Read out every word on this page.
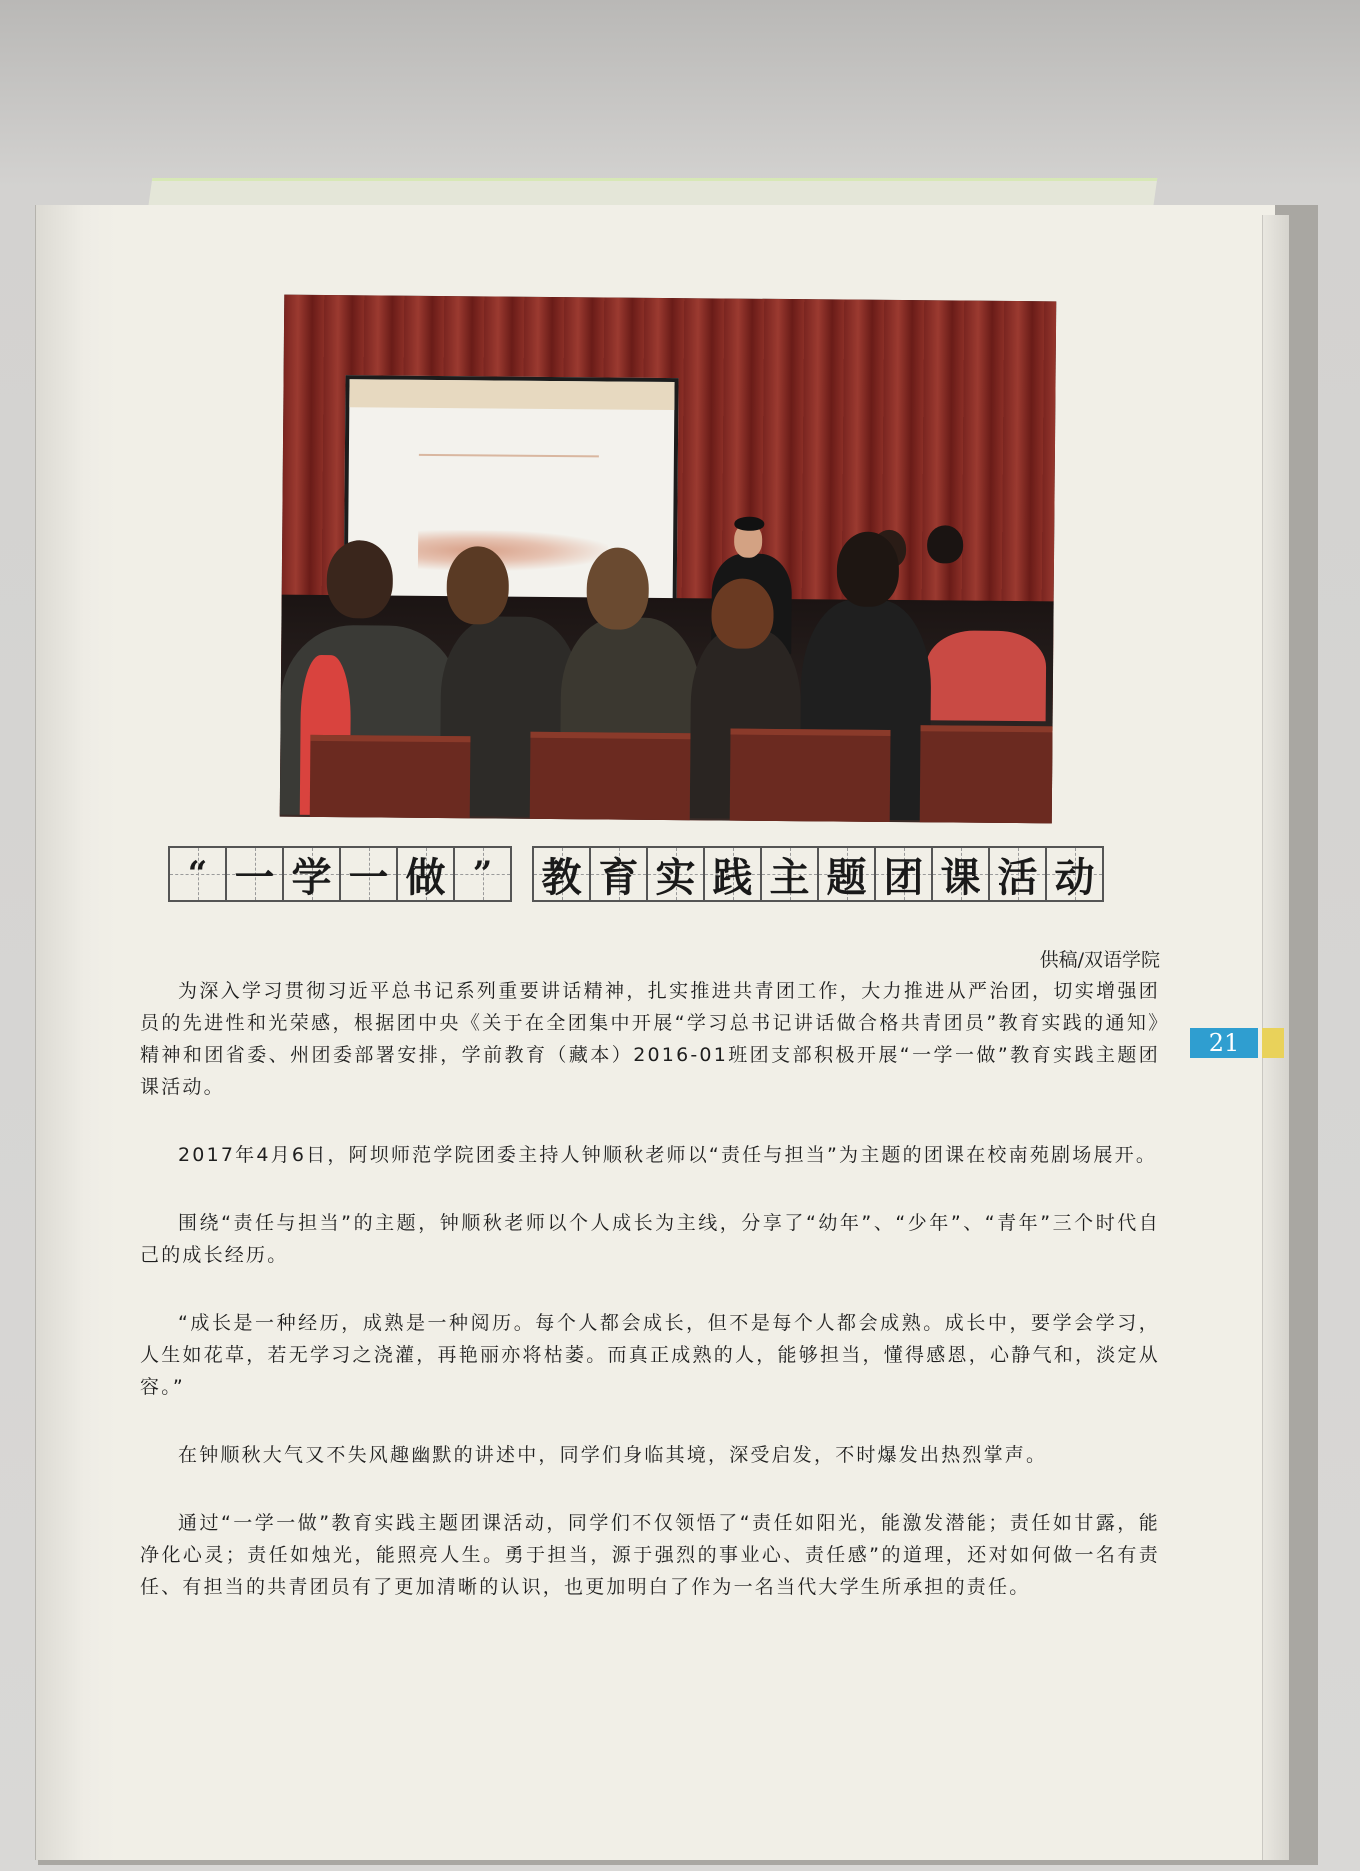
“ 一 学 一 做 ” 教 育 实 践 主 题 团 课 活 动
供稿/双语学院
21

为深入学习贯彻习近平总书记系列重要讲话精神，扎实推进共青团工作，大力推进从严治团，切实增强团员的先进性和光荣感，根据团中央《关于在全团集中开展“学习总书记讲话做合格共青团员”教育实践的通知》精神和团省委、州团委部署安排，学前教育（藏本）2016-01班团支部积极开展“一学一做”教育实践主题团课活动。

2017年4月6日，阿坝师范学院团委主持人钟顺秋老师以“责任与担当”为主题的团课在校南苑剧场展开。

围绕“责任与担当”的主题，钟顺秋老师以个人成长为主线，分享了“幼年”、“少年”、“青年”三个时代自己的成长经历。

“成长是一种经历，成熟是一种阅历。每个人都会成长，但不是每个人都会成熟。成长中，要学会学习，人生如花草，若无学习之浇灌，再艳丽亦将枯萎。而真正成熟的人，能够担当，懂得感恩，心静气和，淡定从容。”

在钟顺秋大气又不失风趣幽默的讲述中，同学们身临其境，深受启发，不时爆发出热烈掌声。

通过“一学一做”教育实践主题团课活动，同学们不仅领悟了“责任如阳光，能激发潜能；责任如甘露，能净化心灵；责任如烛光，能照亮人生。勇于担当，源于强烈的事业心、责任感”的道理，还对如何做一名有责任、有担当的共青团员有了更加清晰的认识，也更加明白了作为一名当代大学生所承担的责任。
